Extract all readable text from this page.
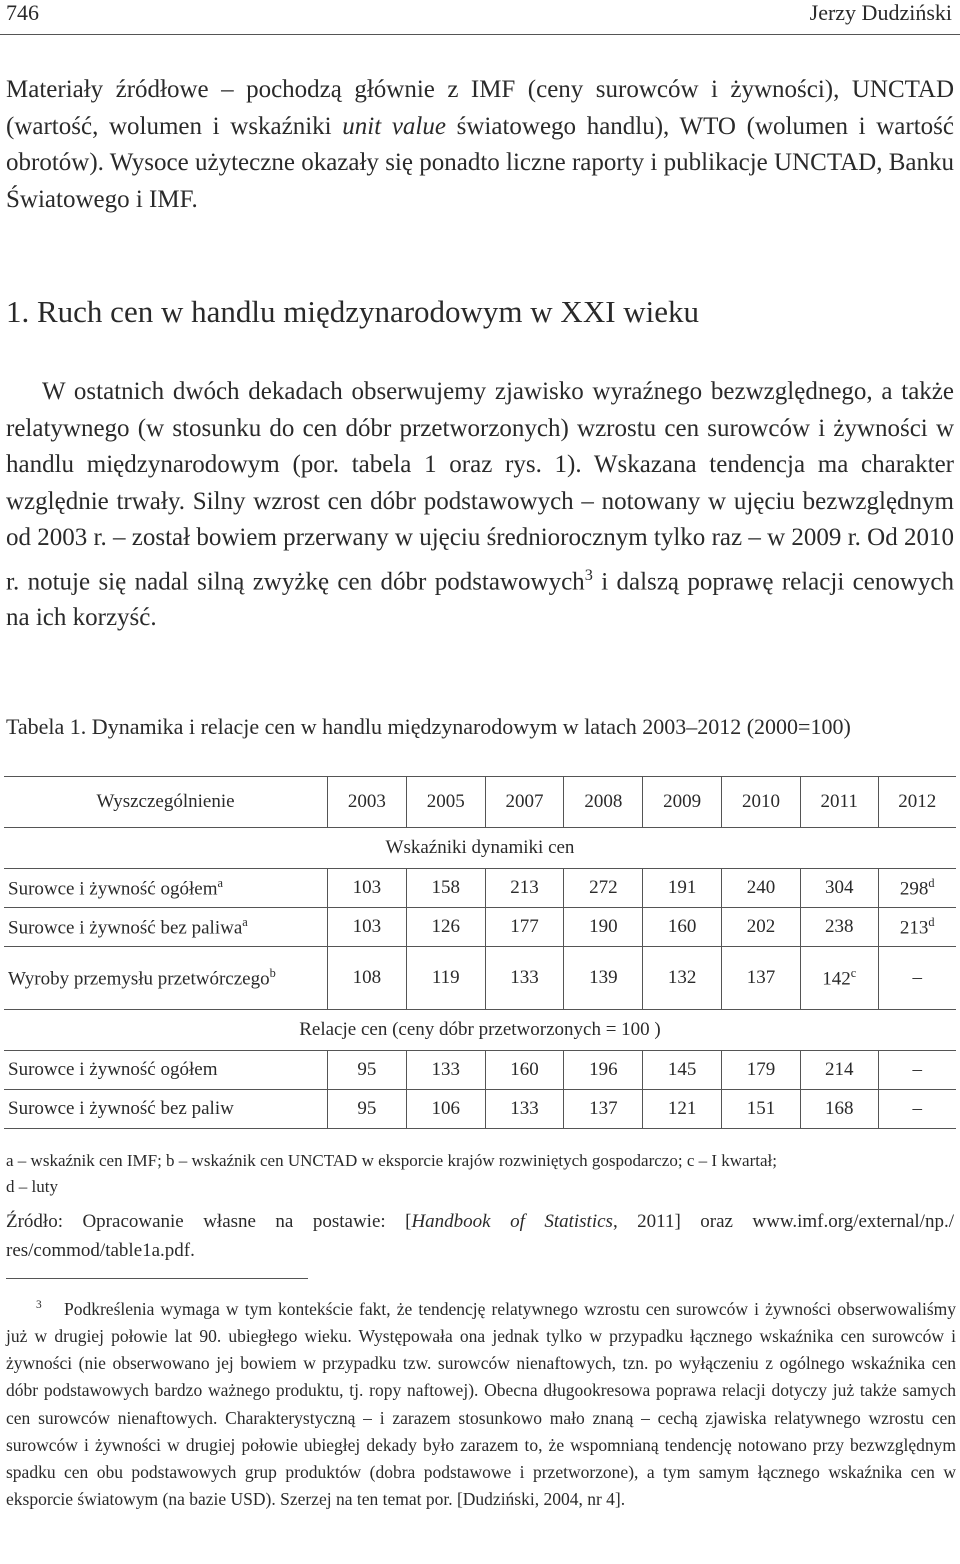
746	Jerzy Dudziński

Materiały źródłowe – pochodzą głównie z IMF (ceny surowców i żywności), UNCTAD (wartość, wolumen i wskaźniki unit value światowego handlu), WTO (wolumen i wartość obrotów). Wysoce użyteczne okazały się ponadto liczne raporty i publikacje UNCTAD, Banku Światowego i IMF.

1. Ruch cen w handlu międzynarodowym w XXI wieku

W ostatnich dwóch dekadach obserwujemy zjawisko wyraźnego bezwzględnego, a także relatywnego (w stosunku do cen dóbr przetworzonych) wzrostu cen surowców i żywności w handlu międzynarodowym (por. tabela 1 oraz rys. 1). Wskazana tendencja ma charakter względnie trwały. Silny wzrost cen dóbr podstawowych – notowany w ujęciu bezwzględnym od 2003 r. – został bowiem przerwany w ujęciu średniorocznym tylko raz – w 2009 r. Od 2010 r. notuje się nadal silną zwyżkę cen dóbr podstawowych$^3$ i dalszą poprawę relacji cenowych na ich korzyść.

Tabela 1. Dynamika i relacje cen w handlu międzynarodowym w latach 2003–2012 (2000=100)
Wyszczególnienie	2003	2005	2007	2008	2009	2010	2011	2012
Wskaźniki dynamiki cen								
Surowce i żywność ogółem$^a$	103	158	213	272	191	240	304	298$^d$
Surowce i żywność bez paliwa$^a$	103	126	177	190	160	202	238	213$^d$
Wyroby przemysłu przetwórczego$^b$	108	119	133	139	132	137	142$^c$	–
Relacje cen (ceny dóbr przetworzonych = 100 )								
Surowce i żywność ogółem	95	133	160	196	145	179	214	–
Surowce i żywność bez paliw	95	106	133	137	121	151	168	–
a – wskaźnik cen IMF; b – wskaźnik cen UNCTAD w eksporcie krajów rozwiniętych gospodarczo; c – I kwartał;
d – luty
Źródło: Opracowanie własne na postawie: [Handbook of Statistics, 2011] oraz www.imf.org/external/np./ res/commod/table1a.pdf.

$^3$ Podkreślenia wymaga w tym kontekście fakt, że tendencję relatywnego wzrostu cen surowców i żywności obserwowaliśmy już w drugiej połowie lat 90. ubiegłego wieku. Występowała ona jednak tylko w przypadku łącznego wskaźnika cen surowców i żywności (nie obserwowano jej bowiem w przypadku tzw. surowców nienaftowych, tzn. po wyłączeniu z ogólnego wskaźnika cen dóbr podstawowych bardzo ważnego produktu, tj. ropy naftowej). Obecna długookresowa poprawa relacji dotyczy już także samych cen surowców nienaftowych. Charakterystyczną – i zarazem stosunkowo mało znaną – cechą zjawiska relatywnego wzrostu cen surowców i żywności w drugiej połowie ubiegłej dekady było zarazem to, że wspomnianą tendencję notowano przy bezwzględnym spadku cen obu podstawowych grup produktów (dobra podstawowe i przetworzone), a tym samym łącznego wskaźnika cen w eksporcie światowym (na bazie USD). Szerzej na ten temat por. [Dudziński, 2004, nr 4].
